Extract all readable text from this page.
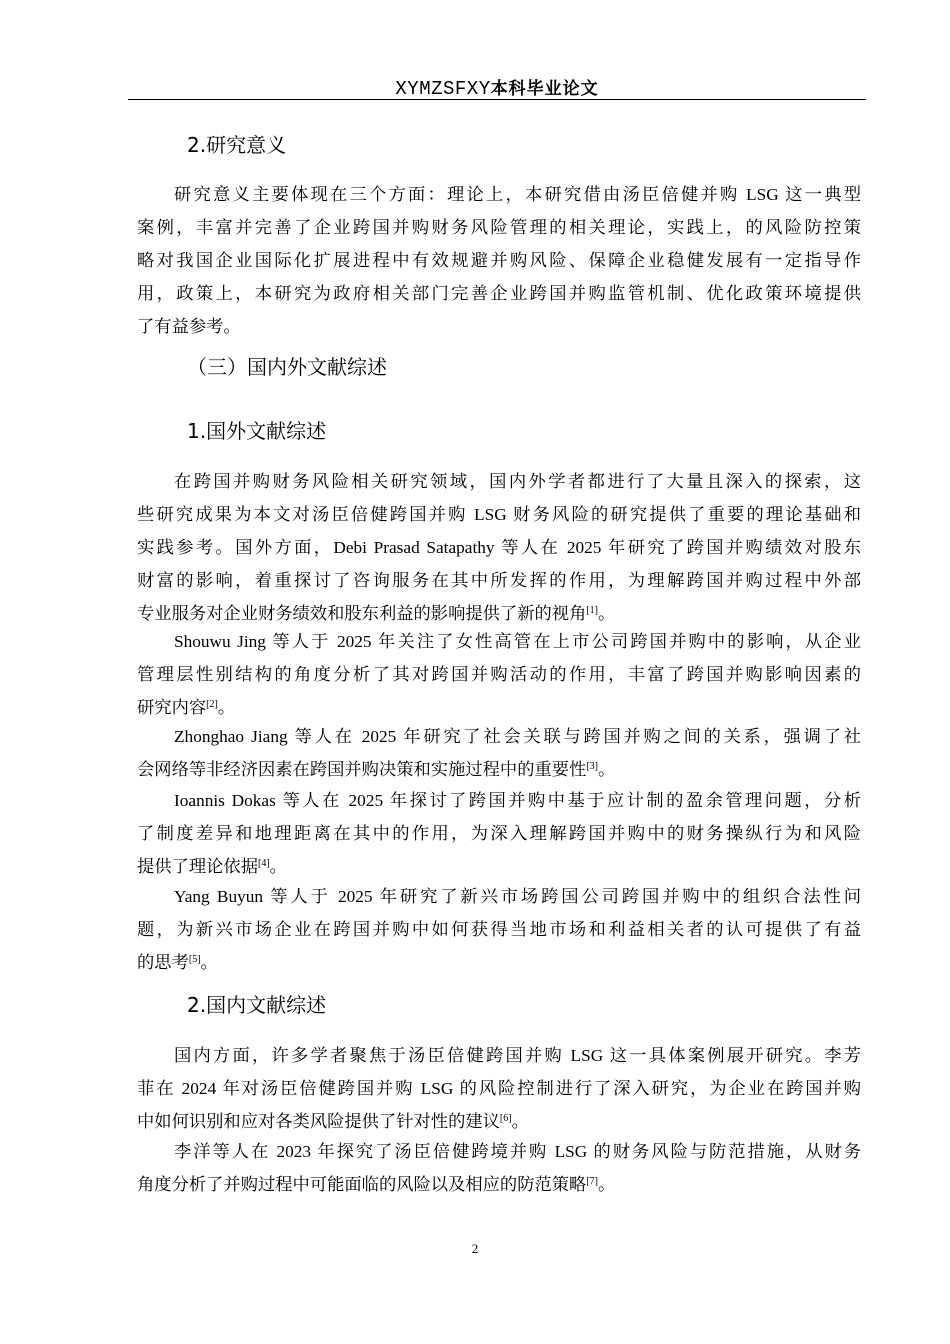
XYMZSFXY本科毕业论文
2.研究意义
研究意义主要体现在三个方面：理论上，本研究借由汤臣倍健并购 LSG 这一典型
案例，丰富并完善了企业跨国并购财务风险管理的相关理论，实践上，的风险防控策
略对我国企业国际化扩展进程中有效规避并购风险、保障企业稳健发展有一定指导作
用，政策上，本研究为政府相关部门完善企业跨国并购监管机制、优化政策环境提供
了有益参考。
（三）国内外文献综述
1.国外文献综述
在跨国并购财务风险相关研究领域，国内外学者都进行了大量且深入的探索，这
些研究成果为本文对汤臣倍健跨国并购 LSG 财务风险的研究提供了重要的理论基础和
实践参考。国外方面，Debi Prasad Satapathy 等人在 2025 年研究了跨国并购绩效对股东
财富的影响，着重探讨了咨询服务在其中所发挥的作用，为理解跨国并购过程中外部
专业服务对企业财务绩效和股东利益的影响提供了新的视角[1]。
Shouwu Jing 等人于 2025 年关注了女性高管在上市公司跨国并购中的影响，从企业
管理层性别结构的角度分析了其对跨国并购活动的作用，丰富了跨国并购影响因素的
研究内容[2]。
Zhonghao Jiang 等人在 2025 年研究了社会关联与跨国并购之间的关系，强调了社
会网络等非经济因素在跨国并购决策和实施过程中的重要性[3]。
Ioannis Dokas 等人在 2025 年探讨了跨国并购中基于应计制的盈余管理问题，分析
了制度差异和地理距离在其中的作用，为深入理解跨国并购中的财务操纵行为和风险
提供了理论依据[4]。
Yang Buyun 等人于 2025 年研究了新兴市场跨国公司跨国并购中的组织合法性问
题，为新兴市场企业在跨国并购中如何获得当地市场和利益相关者的认可提供了有益
的思考[5]。
2.国内文献综述
国内方面，许多学者聚焦于汤臣倍健跨国并购 LSG 这一具体案例展开研究。李芳
菲在 2024 年对汤臣倍健跨国并购 LSG 的风险控制进行了深入研究，为企业在跨国并购
中如何识别和应对各类风险提供了针对性的建议[6]。
李洋等人在 2023 年探究了汤臣倍健跨境并购 LSG 的财务风险与防范措施，从财务
角度分析了并购过程中可能面临的风险以及相应的防范策略[7]。
2
